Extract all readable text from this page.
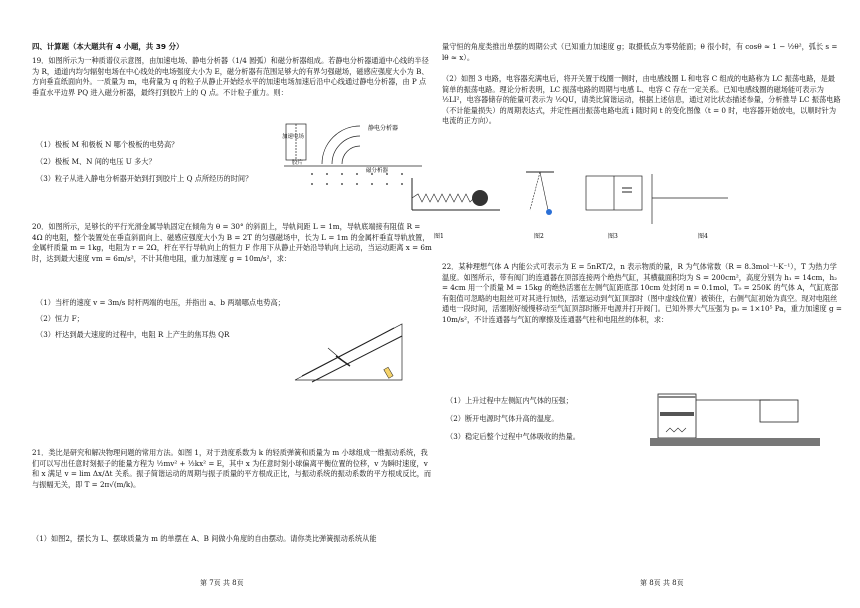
四、计算题（本大题共有 4 小题，共 39 分）
19．如图所示为一种质谱仪示意图，由加速电场、静电分析器（1/4 圆弧）和磁分析器组成。若静电分析器通道中心线的半径为 R，通道内均匀辐射电场在中心线处的电场强度大小为 E，磁分析器有范围足够大的有界匀强磁场，磁感应强度大小为 B、方向垂直纸面向外。一质量为 m，电荷量为 q 的粒子从静止开始经水平的加速电场加速后沿中心线通过静电分析器，由 P 点垂直水平边界 PQ 进入磁分析器，最终打到胶片上的 Q 点。不计粒子重力。则：
（1）极板 M 和极板 N 哪个极板的电势高？
（2）极板 M、N 间的电压 U 多大？
（3）粒子从进入静电分析器开始到打到胶片上 Q 点所经历的时间？
静电分析器
加速电场
胶片
磁分析器
20．如图所示，足够长的平行光滑金属导轨固定在倾角为 θ = 30° 的斜面上，导轨间距 L = 1m，导轨底端接有阻值 R = 4Ω 的电阻，整个装置处在垂直斜面向上、磁感应强度大小为 B = 2T 的匀强磁场中，长为 L = 1m 的金属杆垂直导轨放置，金属杆质量 m = 1kg，电阻为 r = 2Ω，杆在平行导轨向上的恒力 F 作用下从静止开始沿导轨向上运动，当运动距离 x = 6m 时，达到最大速度 vm = 6m/s²，不计其他电阻，重力加速度 g = 10m/s²，求：
（1）当杆的速度 v = 3m/s 时杆两端的电压，并指出 a、b 两端哪点电势高；
（2）恒力 F；
（3）杆达到最大速度的过程中，电阻 R 上产生的焦耳热 QR
21．类比是研究和解决物理问题的常用方法。如图 1，对于劲度系数为 k 的轻质弹簧和质量为 m 小球组成一维振动系统，我们可以写出任意时刻振子的能量方程为 ½mv² + ½kx² = E，其中 x 为任意时刻小球偏离平衡位置的位移，v 为瞬时速度，v 和 x 满足 v = lim Δx/Δt 关系。振子简谐运动的周期与振子质量的平方根成正比，与振动系统的振动系数的平方根成反比，而与振幅无关，即 T = 2π√(m/k)。
（1）如图2，摆长为 L、摆球质量为 m 的单摆在 A、B 间做小角度的自由摆动。请你类比弹簧振动系统从能
第 7页 共 8页
量守恒的角度类推出单摆的周期公式（已知重力加速度 g；取摄低点为零势能面；θ 很小时，有 cosθ ≈ 1 − ½θ²，弧长 s = lθ ≈ x）。
（2）如图 3 电路，电容器充满电后，将开关置于线圈一侧时，由电感线圈 L 和电容 C 组成的电路称为 LC 振荡电路，是最简单的振荡电路。理论分析表明，LC 振荡电路的周期与电感 L、电容 C 存在一定关系。已知电感线圈的磁场能可表示为 ½LI²，电容器储存的能量可表示为 ½QU，请类比简谐运动，根据上述信息，通过对比状态描述参量，分析推导 LC 振荡电路（不计能量损失）的周期表达式，并定性画出振荡电路电流 i 随时间 t 的变化图像（t = 0 时，电容器开始放电，以顺时针为电流的正方向）。
图1	图2	图3	图4
22．某种理想气体 A 内能公式可表示为 E = 5nRT/2，n 表示物质的量，R 为气体常数（R = 8.3mol⁻¹·K⁻¹），T 为热力学温度。如图所示，带有阀门的连通器在顶部连接两个绝热气缸，其横截面积均为 S = 200cm²，高度分别为 h₁ = 14cm，h₂ = 4cm 用一个质量 M = 15kg 的绝热活塞在左侧气缸距底部 10cm 处封闭 n = 0.1mol，T₀ = 250K 的气体 A，气缸底部有阻值可忽略的电阻丝可对其进行加热，活塞运动到气缸顶部时（图中虚线位置）被锁住，右侧气缸初始为真空。现对电阻丝通电一段时间，活塞刚好缓慢移动至气缸顶部时断开电源并打开阀门。已知外界大气压强为 p₀ = 1×10⁵ Pa，重力加速度 g = 10m/s²，不计连通器与气缸的摩擦及连通器气柱和电阻丝的体积，求：
（1）上升过程中左侧缸内气体的压强；
（2）断开电源时气体升高的温度。
（3）稳定后整个过程中气体吸收的热量。
第 8页 共 8页
